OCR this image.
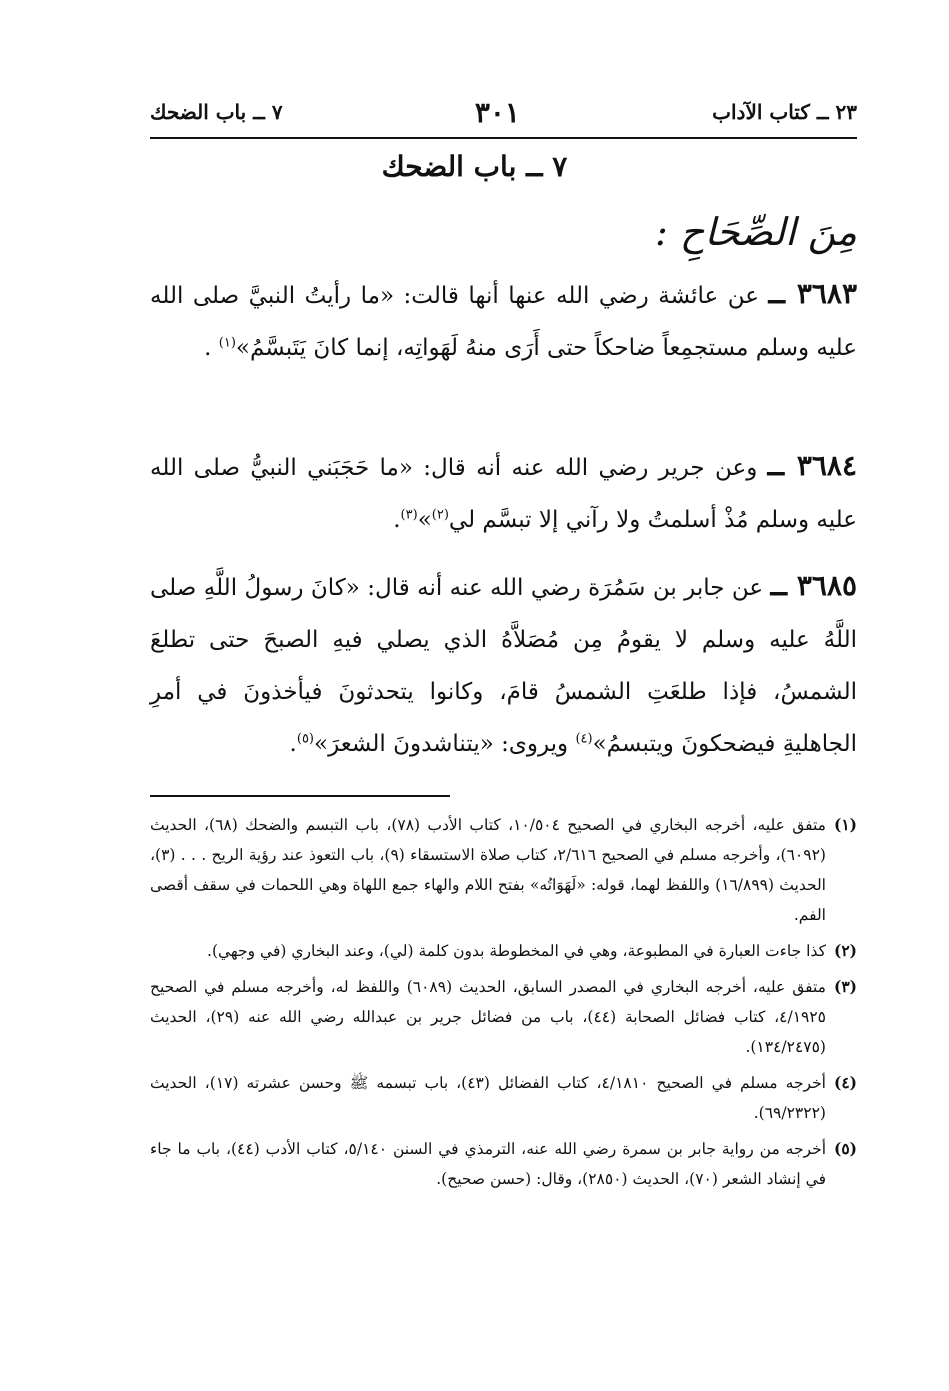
٢٣ ــ كتاب الآداب
٣٠١
٧ ــ باب الضحك
٧ ــ باب الضحك
مِنَ الصِّحَاحِ :
٣٦٨٣ ــ عن عائشة رضي الله عنها أنها قالت: «ما رأيتُ النبيَّ صلى الله عليه وسلم مستجمِعاً ضاحكاً حتى أَرَى منهُ لَهَواتِه، إنما كانَ يَتَبسَّمُ»$^{(١)}$ .
٣٦٨٤ ــ وعن جرير رضي الله عنه أنه قال: «ما حَجَبَني النبيُّ صلى الله عليه وسلم مُذْ أسلمتُ ولا رآني إلا تبسَّم لي$^{(٢)}$»$^{(٣)}$.
٣٦٨٥ ــ عن جابر بن سَمُرَة رضي الله عنه أنه قال: «كانَ رسولُ اللَّهِ صلى اللَّهُ عليه وسلم لا يقومُ مِن مُصَلاَّهُ الذي يصلي فيهِ الصبحَ حتى تطلعَ الشمسُ، فإذا طلعَتِ الشمسُ قامَ، وكانوا يتحدثونَ فيأخذونَ في أمرِ الجاهليةِ فيضحكونَ ويتبسمُ»$^{(٤)}$ ويروى: «يتناشدونَ الشعرَ»$^{(٥)}$.
(١)
متفق عليه، أخرجه البخاري في الصحيح ١٠/٥٠٤، كتاب الأدب (٧٨)، باب التبسم والضحك (٦٨)، الحديث (٦٠٩٢)، وأخرجه مسلم في الصحيح ٢/٦١٦، كتاب صلاة الاستسقاء (٩)، باب التعوذ عند رؤية الريح . . . (٣)، الحديث (١٦/٨٩٩) واللفظ لهما، قوله: «لَهَوَاتُه» بفتح اللام والهاء جمع اللهاة وهي اللحمات في سقف أقصى الفم.
(٢)
كذا جاءت العبارة في المطبوعة، وهي في المخطوطة بدون كلمة (لي)، وعند البخاري (في وجهي).
(٣)
متفق عليه، أخرجه البخاري في المصدر السابق، الحديث (٦٠٨٩) واللفظ له، وأخرجه مسلم في الصحيح ٤/١٩٢٥، كتاب فضائل الصحابة (٤٤)، باب من فضائل جرير بن عبدالله رضي الله عنه (٢٩)، الحديث (١٣٤/٢٤٧٥).
(٤)
أخرجه مسلم في الصحيح ٤/١٨١٠، كتاب الفضائل (٤٣)، باب تبسمه ﷺ وحسن عشرته (١٧)، الحديث (٦٩/٢٣٢٢).
(٥)
أخرجه من رواية جابر بن سمرة رضي الله عنه، الترمذي في السنن ٥/١٤٠، كتاب الأدب (٤٤)، باب ما جاء في إنشاد الشعر (٧٠)، الحديث (٢٨٥٠)، وقال: (حسن صحيح).
